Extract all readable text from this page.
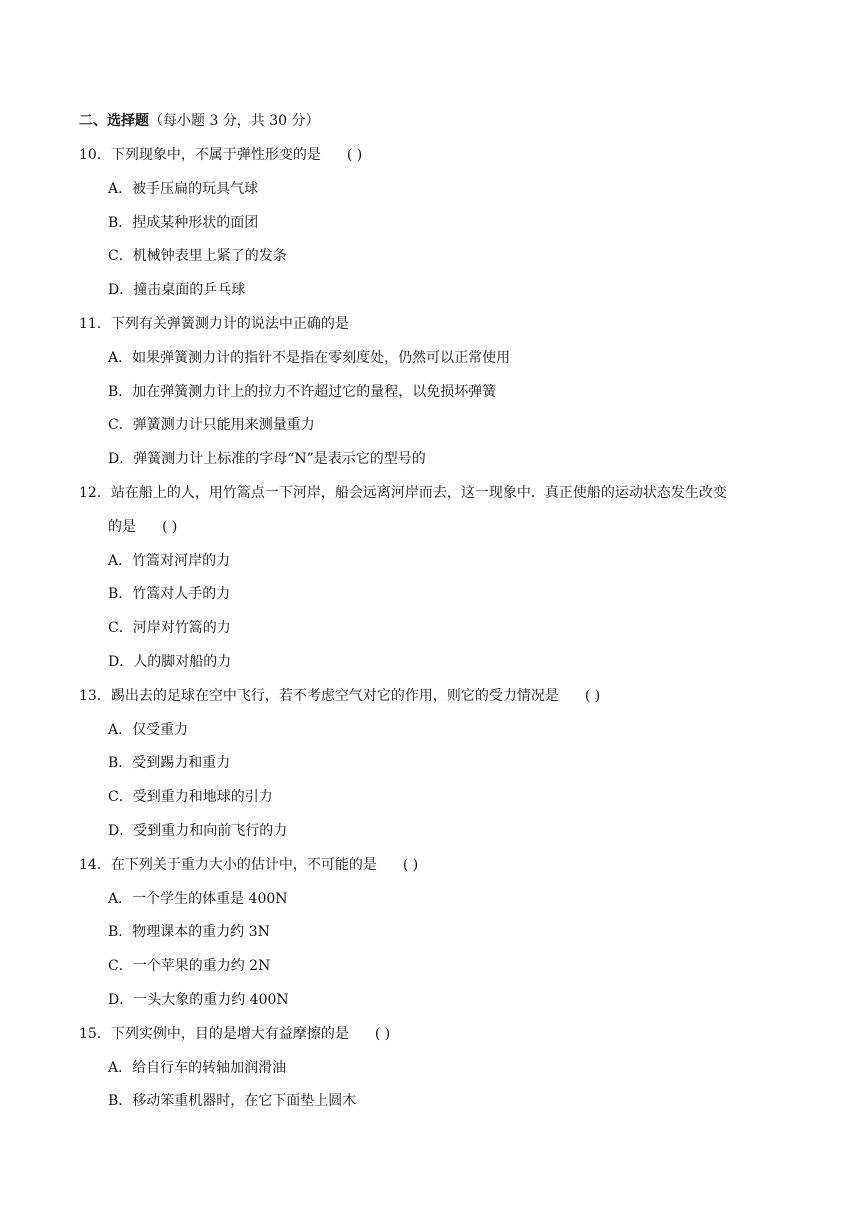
二、选择题（每小题 3 分，共 30 分）
10．下列现象中，不属于弹性形变的是 ( )
A．被手压扁的玩具气球
B．捏成某种形状的面团
C．机械钟表里上紧了的发条
D．撞击桌面的乒乓球
11．下列有关弹簧测力计的说法中正确的是
A．如果弹簧测力计的指针不是指在零刻度处，仍然可以正常使用
B．加在弹簧测力计上的拉力不许超过它的量程，以免损坏弹簧
C．弹簧测力计只能用来测量重力
D．弹簧测力计上标准的字母“N”是表示它的型号的
12．站在船上的人，用竹篙点一下河岸，船会远离河岸而去，这一现象中．真正使船的运动状态发生改变
的是 ( )
A．竹篙对河岸的力
B．竹篙对人手的力
C．河岸对竹篙的力
D．人的脚对船的力
13．踢出去的足球在空中飞行，若不考虑空气对它的作用，则它的受力情况是 ( )
A．仅受重力
B．受到踢力和重力
C．受到重力和地球的引力
D．受到重力和向前飞行的力
14．在下列关于重力大小的估计中，不可能的是 ( )
A．一个学生的体重是 400N
B．物理课本的重力约 3N
C．一个苹果的重力约 2N
D．一头大象的重力约 400N
15．下列实例中，目的是增大有益摩擦的是 ( )
A．给自行车的转轴加润滑油
B．移动笨重机器时，在它下面垫上圆木
